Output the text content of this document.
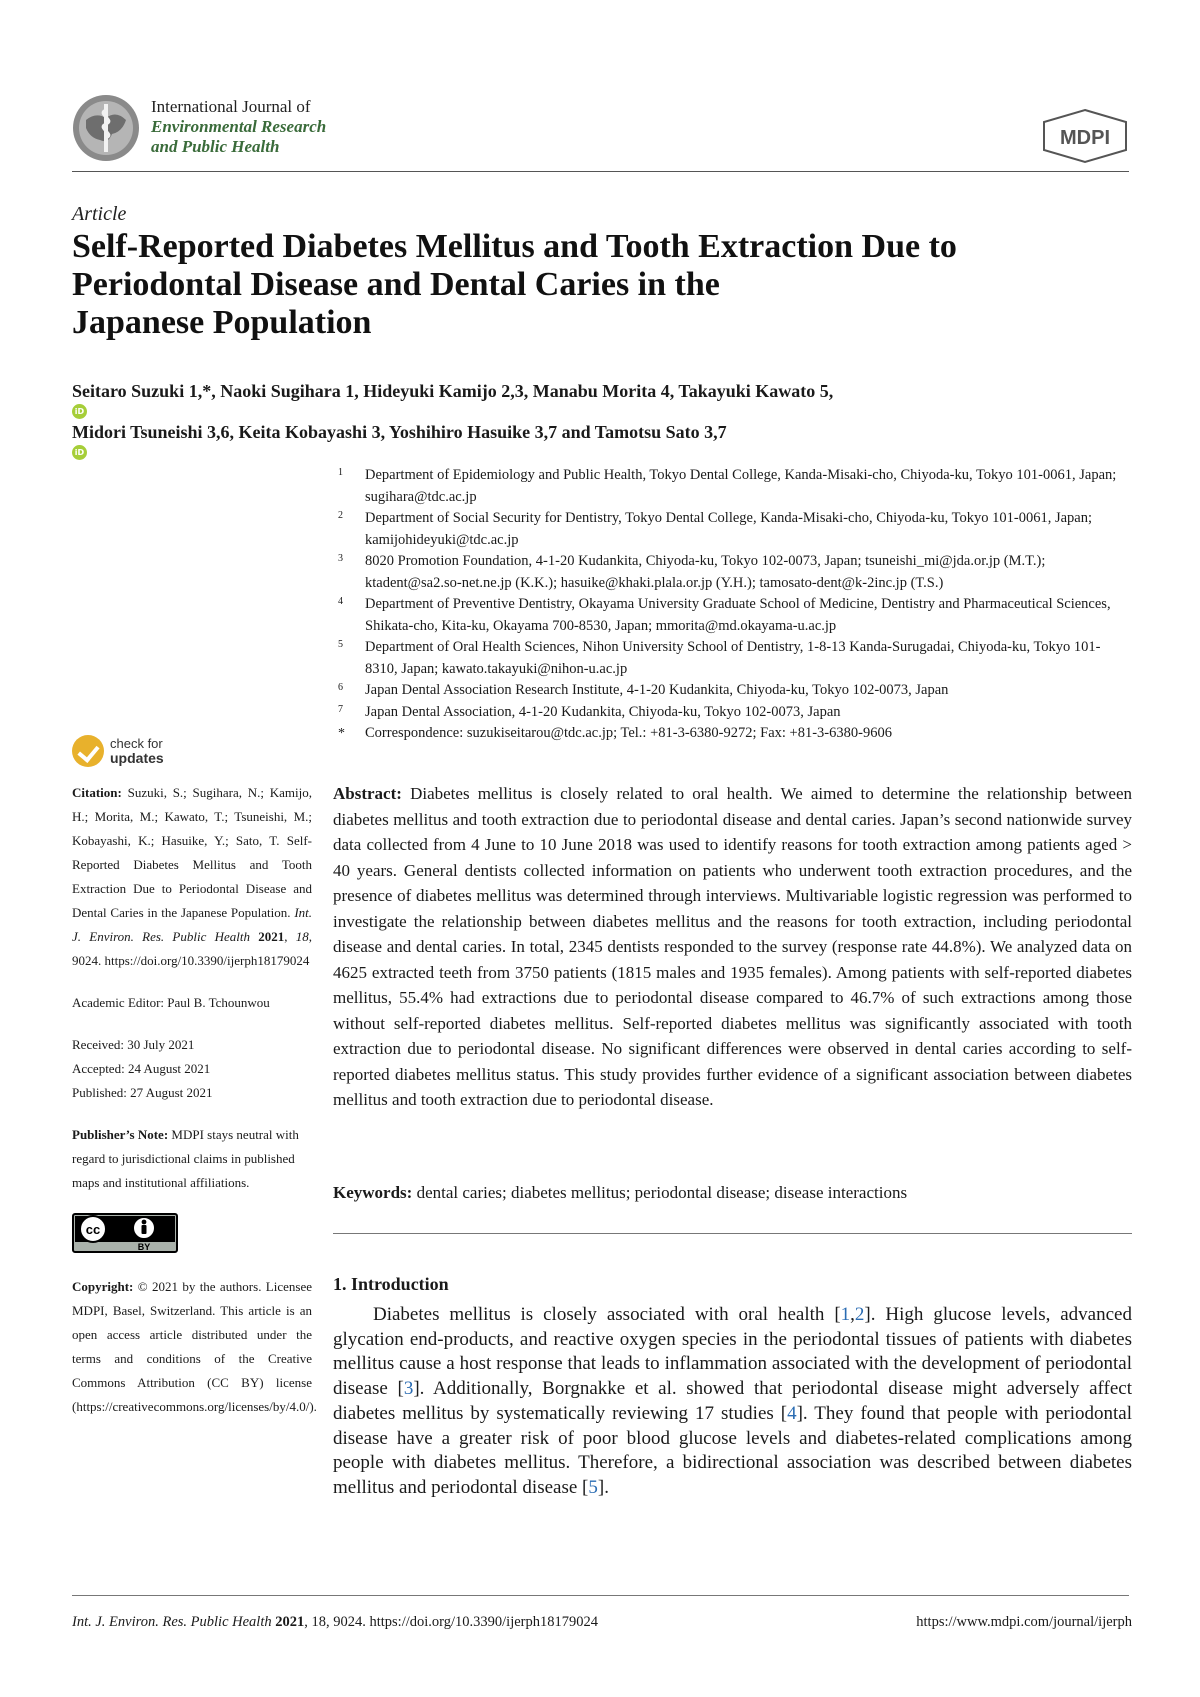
International Journal of
Environmental Research
and Public Health	MDPI
Article
Self-Reported Diabetes Mellitus and Tooth Extraction Due to
Periodontal Disease and Dental Caries in the
Japanese Population
Seitaro Suzuki 1,*, Naoki Sugihara 1, Hideyuki Kamijo 2,3, Manabu Morita 4, Takayuki Kawato 5,
iD
Midori Tsuneishi 3,6, Keita Kobayashi 3, Yoshihiro Hasuike 3,7 and Tamotsu Sato 3,7
iD
1 Department of Epidemiology and Public Health, Tokyo Dental College, Kanda-Misaki-cho, Chiyoda-ku, Tokyo 101-0061, Japan; sugihara@tdc.ac.jp
2 Department of Social Security for Dentistry, Tokyo Dental College, Kanda-Misaki-cho, Chiyoda-ku, Tokyo 101-0061, Japan; kamijohideyuki@tdc.ac.jp
3 8020 Promotion Foundation, 4-1-20 Kudankita, Chiyoda-ku, Tokyo 102-0073, Japan; tsuneishi_mi@jda.or.jp (M.T.); ktadent@sa2.so-net.ne.jp (K.K.); hasuike@khaki.plala.or.jp (Y.H.); tamosato-dent@k-2inc.jp (T.S.)
4 Department of Preventive Dentistry, Okayama University Graduate School of Medicine, Dentistry and Pharmaceutical Sciences, Shikata-cho, Kita-ku, Okayama 700-8530, Japan; mmorita@md.okayama-u.ac.jp
5 Department of Oral Health Sciences, Nihon University School of Dentistry, 1-8-13 Kanda-Surugadai, Chiyoda-ku, Tokyo 101-8310, Japan; kawato.takayuki@nihon-u.ac.jp
6 Japan Dental Association Research Institute, 4-1-20 Kudankita, Chiyoda-ku, Tokyo 102-0073, Japan
7 Japan Dental Association, 4-1-20 Kudankita, Chiyoda-ku, Tokyo 102-0073, Japan
* Correspondence: suzukiseitarou@tdc.ac.jp; Tel.: +81-3-6380-9272; Fax: +81-3-6380-9606
check for
updates
Citation: Suzuki, S.; Sugihara, N.; Kamijo, H.; Morita, M.; Kawato, T.; Tsuneishi, M.; Kobayashi, K.; Hasuike, Y.; Sato, T. Self-Reported Diabetes Mellitus and Tooth Extraction Due to Periodontal Disease and Dental Caries in the Japanese Population. Int. J. Environ. Res. Public Health 2021, 18, 9024. https://doi.org/10.3390/ijerph18179024
Academic Editor: Paul B. Tchounwou
Received: 30 July 2021
Accepted: 24 August 2021
Published: 27 August 2021
Publisher’s Note: MDPI stays neutral with regard to jurisdictional claims in published maps and institutional affiliations.
cc
BY
Copyright: © 2021 by the authors. Licensee MDPI, Basel, Switzerland. This article is an open access article distributed under the terms and conditions of the Creative Commons Attribution (CC BY) license (https://creativecommons.org/licenses/by/4.0/).

Abstract: Diabetes mellitus is closely related to oral health. We aimed to determine the relationship between diabetes mellitus and tooth extraction due to periodontal disease and dental caries. Japan’s second nationwide survey data collected from 4 June to 10 June 2018 was used to identify reasons for tooth extraction among patients aged > 40 years. General dentists collected information on patients who underwent tooth extraction procedures, and the presence of diabetes mellitus was determined through interviews. Multivariable logistic regression was performed to investigate the relationship between diabetes mellitus and the reasons for tooth extraction, including periodontal disease and dental caries. In total, 2345 dentists responded to the survey (response rate 44.8%). We analyzed data on 4625 extracted teeth from 3750 patients (1815 males and 1935 females). Among patients with self-reported diabetes mellitus, 55.4% had extractions due to periodontal disease compared to 46.7% of such extractions among those without self-reported diabetes mellitus. Self-reported diabetes mellitus was significantly associated with tooth extraction due to periodontal disease. No significant differences were observed in dental caries according to self-reported diabetes mellitus status. This study provides further evidence of a significant association between diabetes mellitus and tooth extraction due to periodontal disease.

Keywords: dental caries; diabetes mellitus; periodontal disease; disease interactions

1. Introduction

Diabetes mellitus is closely associated with oral health [1,2]. High glucose levels, advanced glycation end-products, and reactive oxygen species in the periodontal tissues of patients with diabetes mellitus cause a host response that leads to inflammation associated with the development of periodontal disease [3]. Additionally, Borgnakke et al. showed that periodontal disease might adversely affect diabetes mellitus by systematically reviewing 17 studies [4]. They found that people with periodontal disease have a greater risk of poor blood glucose levels and diabetes-related complications among people with diabetes mellitus. Therefore, a bidirectional association was described between diabetes mellitus and periodontal disease [5].

Int. J. Environ. Res. Public Health 2021, 18, 9024. https://doi.org/10.3390/ijerph18179024	https://www.mdpi.com/journal/ijerph
